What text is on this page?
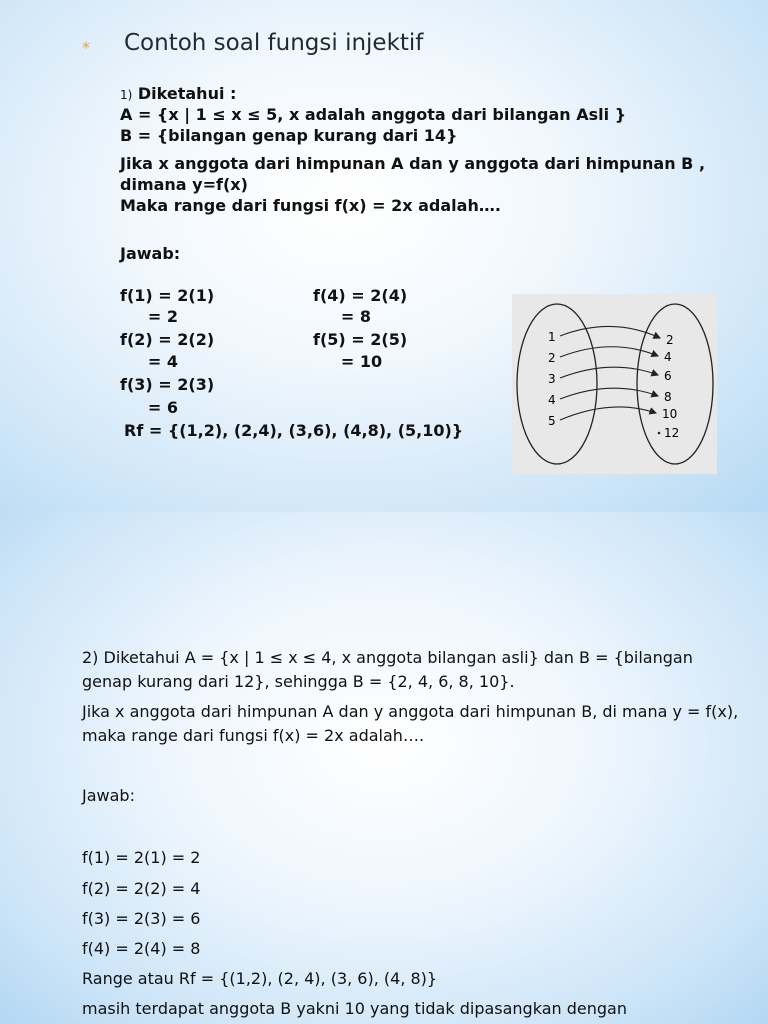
* Contoh soal fungsi injektif
1) Diketahui :
A = {x | 1 ≤ x ≤ 5, x adalah anggota dari bilangan Asli }
B = {bilangan genap kurang dari 14}
Jika x anggota dari himpunan A dan y anggota dari himpunan B ,
dimana y=f(x)
Maka range dari fungsi f(x) = 2x adalah….
Jawab:
f(1) = 2(1)
= 2
f(2) = 2(2)
= 4
f(3) = 2(3)
= 6
f(4) = 2(4)
= 8
f(5) = 2(5)
= 10
Rf = {(1,2), (2,4), (3,6), (4,8), (5,10)}
1
2
3
4
5
2
4
6
8
10
12
2) Diketahui A = {x | 1 ≤ x ≤ 4, x anggota bilangan asli} dan B = {bilangan genap kurang dari 12}, sehingga B = {2, 4, 6, 8, 10}.
Jika x anggota dari himpunan A dan y anggota dari himpunan B, di mana y = f(x), maka range dari fungsi f(x) = 2x adalah….
Jawab:
f(1) = 2(1) = 2
f(2) = 2(2) = 4
f(3) = 2(3) = 6
f(4) = 2(4) = 8
Range atau Rf = {(1,2), (2, 4), (3, 6), (4, 8)}
masih terdapat anggota B yakni 10 yang tidak dipasangkan dengan
